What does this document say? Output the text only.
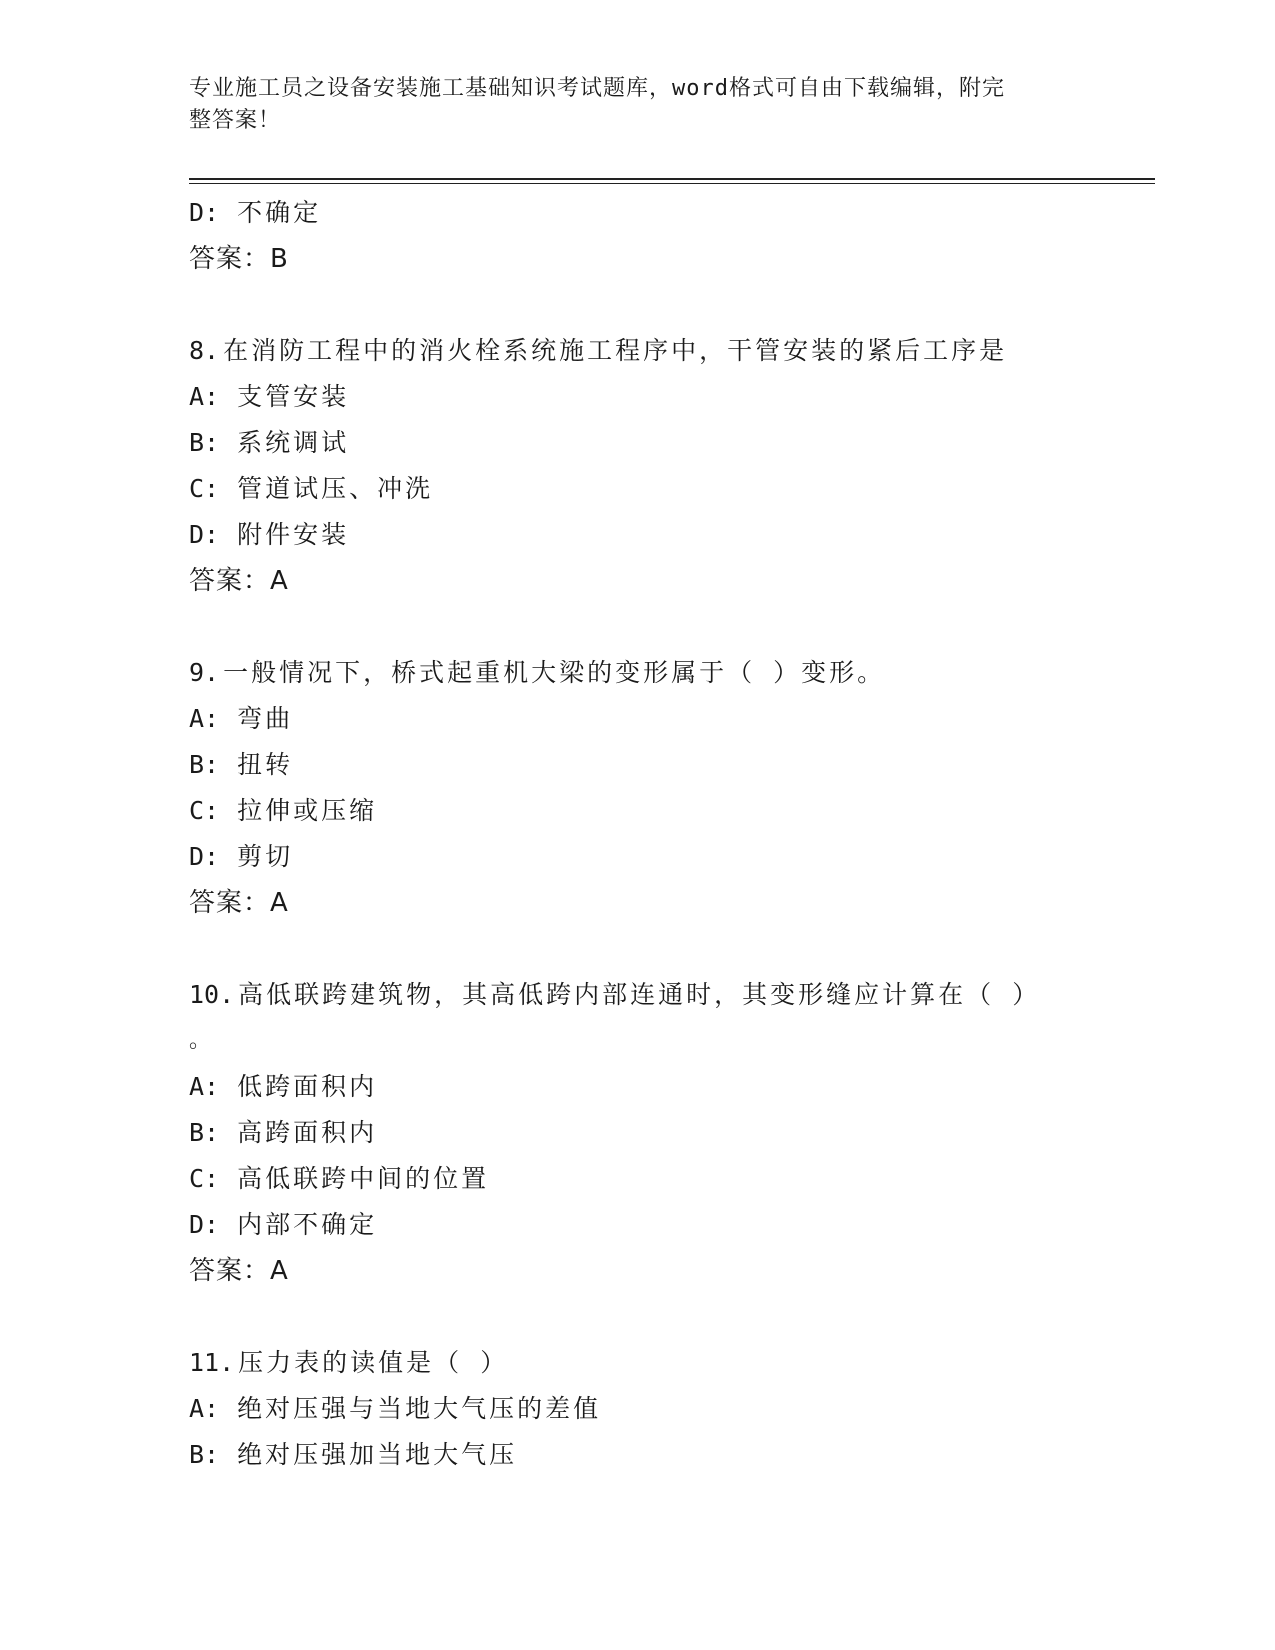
专业施工员之设备安装施工基础知识考试题库，word格式可自由下载编辑，附完
整答案！
D: 不确定
答案：B
8. 在消防工程中的消火栓系统施工程序中，干管安装的紧后工序是
A: 支管安装
B: 系统调试
C: 管道试压、冲洗
D: 附件安装
答案：A
9. 一般情况下，桥式起重机大梁的变形属于（ ）变形。
A: 弯曲
B: 扭转
C: 拉伸或压缩
D: 剪切
答案：A
10. 高低联跨建筑物，其高低跨内部连通时，其变形缝应计算在（ ）
。
A: 低跨面积内
B: 高跨面积内
C: 高低联跨中间的位置
D: 内部不确定
答案：A
11. 压力表的读值是（ ）
A: 绝对压强与当地大气压的差值
B: 绝对压强加当地大气压
